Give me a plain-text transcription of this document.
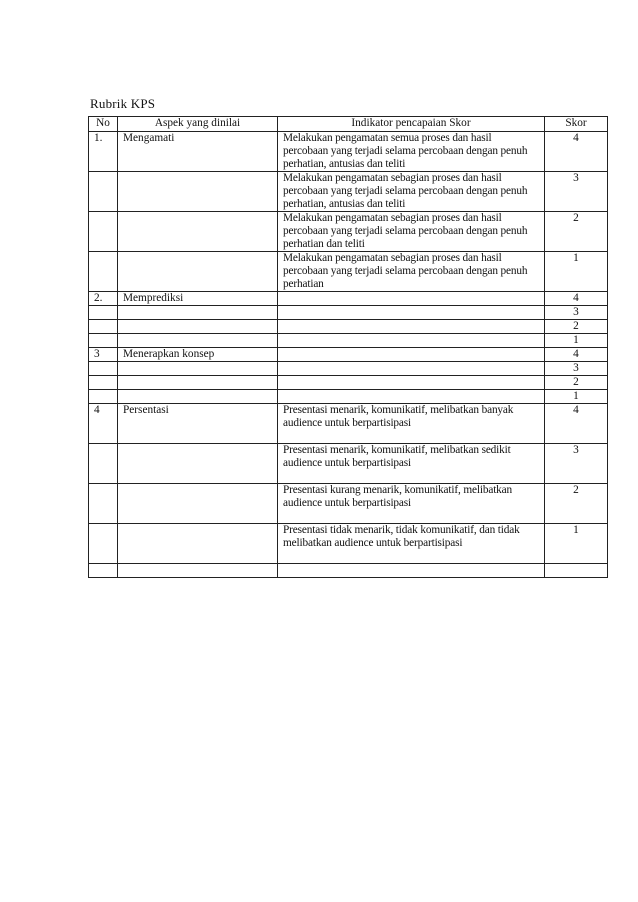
Rubrik KPS
No	Aspek yang dinilai	Indikator pencapaian Skor	Skor
1.	Mengamati	Melakukan pengamatan semua proses dan hasil percobaan yang terjadi selama percobaan dengan penuh perhatian, antusias dan teliti	4
		Melakukan pengamatan sebagian proses dan hasil percobaan yang terjadi selama percobaan dengan penuh perhatian, antusias dan teliti	3
		Melakukan pengamatan sebagian proses dan hasil percobaan yang terjadi selama percobaan dengan penuh perhatian dan teliti	2
		Melakukan pengamatan sebagian proses dan hasil percobaan yang terjadi selama percobaan dengan penuh perhatian	1
2.	Memprediksi		4
			3
			2
			1
3	Menerapkan konsep		4
			3
			2
			1
4	Persentasi	Presentasi menarik, komunikatif, melibatkan banyak audience untuk berpartisipasi	4
		Presentasi menarik, komunikatif, melibatkan sedikit audience untuk berpartisipasi	3
		Presentasi kurang menarik, komunikatif, melibatkan audience untuk berpartisipasi	2
		Presentasi tidak menarik, tidak komunikatif, dan tidak melibatkan audience untuk berpartisipasi	1
